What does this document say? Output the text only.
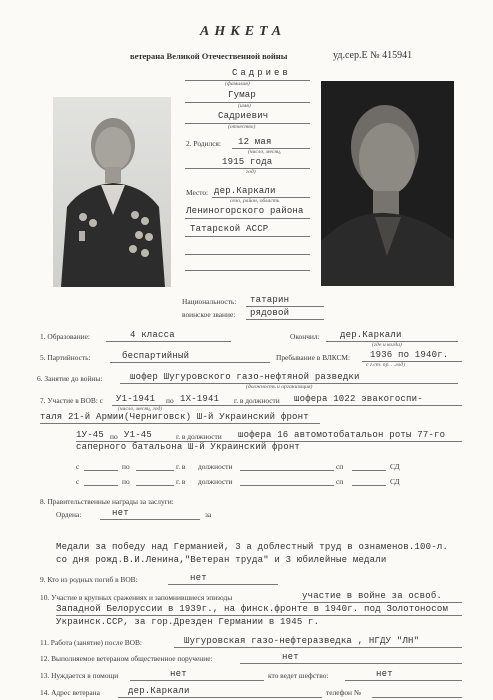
АНКЕТА
ветерана Великой Отечественной войны	уд.сер.Е № 415941
Садриев
(фамилия)
Гумар
(имя)
Садриевич
(отчество)
2. Родился: 12 мая
(число, месяц,
1915 года
год)
Место: дер.Каркали
село, район, область
Лениногорского района
Татарской АССР
Национальность: татарин
воинское звание: рядовой
1. Образование:	4 класса	Окончил: дер.Каркали
(где и когда)
5. Партийность:	беспартийный	Пребывание в ВЛКСМ: 1936 по 1940г.
с г.ст. пр. . .год)
6. Занятие до войны:	шофер Шугуровского газо-нефтяной разведки
(должность и организация)
7. Участие в ВОВ: с У1-1941 по 1Х-1941 г. в должности шофера 1022 эвакогоспи-
(число, месяц, год)
таля 21-й Армии(Черниговск) Ш-й Украинский фронт
1У-45 по У1-45	г. в должности шофера 16 автомотобатальон роты 77-го
саперного батальона Ш-й Украинский фронт
с	по	г. в должности	сп	СД
с	по	г. в должности	сп	СД
8. Правительственные награды за заслуги:
Ордена:	нет	за
Медали за победу над Германией, 3 а доблестный труд в ознаменов.100-л.
со дня рожд.В.И.Ленина,"Ветеран труда" и 3 юбилейные медали
9. Кто из родных погиб в ВОВ:	нет
10. Участие в крупных сражениях и запомнившиеся эпизоды	участие в войне за освоб.
Западной Белоруссии в 1939г., на финск.фронте в 1940г. под Золотоносом
Украинск.ССР, за гор.Дрезден Германии в 1945 г.
11. Работа (занятие) после ВОВ:	Шугуровская газо-нефтеразведка , НГДУ "ЛН"
12. Выполняемое ветераном общественное поручение:	нет
13. Нуждается в помощи	нет	кто ведет шефство:	нет
14. Адрес ветерана	дер.Каркали	телефон №
